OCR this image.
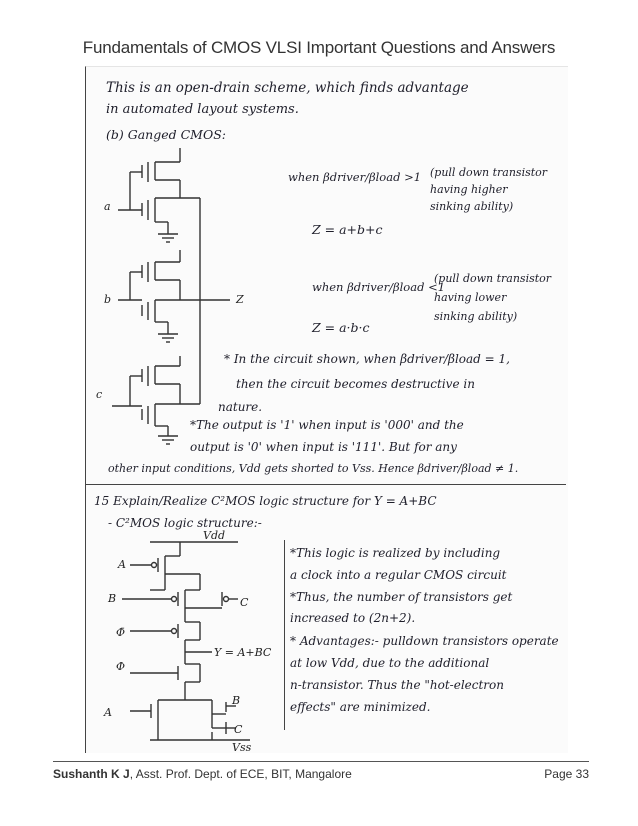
Fundamentals of CMOS VLSI Important Questions and Answers
a
b	Z
c
Vdd
A
B	C
Φ̄
Y = A+BC
Φ
A
B
C
Vss
This is an open-drain scheme, which finds advantage
in automated layout systems.
(b) Ganged CMOS:
when βdriver/βload >1 (pull down transistor
having higher
sinking ability)
Z = a+b+c
when βdriver/βload <1
(pull down transistor
having lower
sinking ability)
Z = a·b·c
* In the circuit shown, when βdriver/βload = 1,
then the circuit becomes destructive in
nature.
*The output is '1' when input is '000' and the
output is '0' when input is '111'. But for any
other input conditions, Vdd gets shorted to Vss. Hence βdriver/βload ≠ 1.
15 Explain/Realize C²MOS logic structure for Y = A+BC
- C²MOS logic structure:-
*This logic is realized by including
a clock into a regular CMOS circuit
*Thus, the number of transistors get
increased to (2n+2).
* Advantages:- pulldown transistors operate
at low Vdd, due to the additional
n-transistor. Thus the "hot-electron
effects" are minimized.
Sushanth K J, Asst. Prof. Dept. of ECE, BIT, Mangalore	Page 33
